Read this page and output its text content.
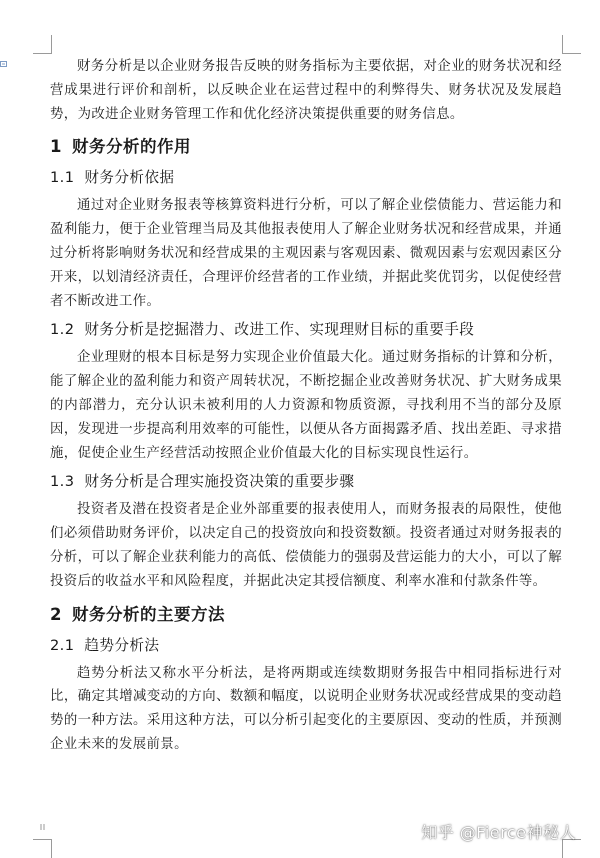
财务分析是以企业财务报告反映的财务指标为主要依据，对企业的财务状况和经营成果进行评价和剖析，以反映企业在运营过程中的利弊得失、财务状况及发展趋势，为改进企业财务管理工作和优化经济决策提供重要的财务信息。

1 财务分析的作用
1.1 财务分析依据

通过对企业财务报表等核算资料进行分析，可以了解企业偿债能力、营运能力和盈利能力，便于企业管理当局及其他报表使用人了解企业财务状况和经营成果，并通过分析将影响财务状况和经营成果的主观因素与客观因素、微观因素与宏观因素区分开来，以划清经济责任，合理评价经营者的工作业绩，并据此奖优罚劣，以促使经营者不断改进工作。

1.2 财务分析是挖掘潜力、改进工作、实现理财目标的重要手段

企业理财的根本目标是努力实现企业价值最大化。通过财务指标的计算和分析，能了解企业的盈利能力和资产周转状况，不断挖掘企业改善财务状况、扩大财务成果的内部潜力，充分认识未被利用的人力资源和物质资源，寻找利用不当的部分及原因，发现进一步提高利用效率的可能性，以便从各方面揭露矛盾、找出差距、寻求措施，促使企业生产经营活动按照企业价值最大化的目标实现良性运行。

1.3 财务分析是合理实施投资决策的重要步骤

投资者及潜在投资者是企业外部重要的报表使用人，而财务报表的局限性，使他们必须借助财务评价，以决定自己的投资放向和投资数额。投资者通过对财务报表的分析，可以了解企业获利能力的高低、偿债能力的强弱及营运能力的大小，可以了解投资后的收益水平和风险程度，并据此决定其授信额度、利率水准和付款条件等。

2 财务分析的主要方法
2.1 趋势分析法

趋势分析法又称水平分析法，是将两期或连续数期财务报告中相同指标进行对比，确定其增减变动的方向、数额和幅度，以说明企业财务状况或经营成果的变动趋势的一种方法。采用这种方法，可以分析引起变化的主要原因、变动的性质，并预测企业未来的发展前景。

知乎 @Fierce神秘人
